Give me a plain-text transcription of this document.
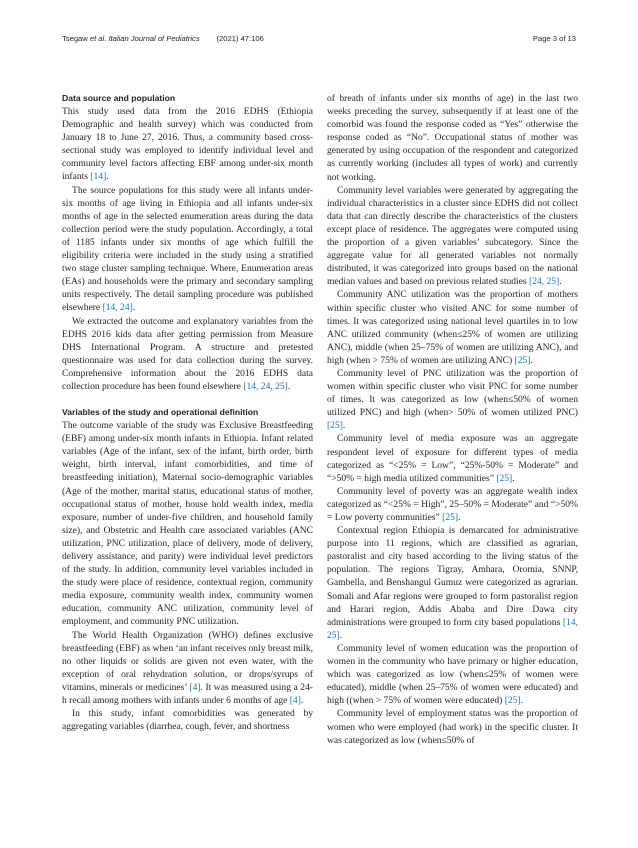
Tsegaw et al. Italian Journal of Pediatrics (2021) 47:106	Page 3 of 13
Data source and population

This study used data from the 2016 EDHS (Ethiopia Demographic and health survey) which was conducted from January 18 to June 27, 2016. Thus, a community based cross-sectional study was employed to identify individual level and community level factors affecting EBF among under-six month infants [14].

The source populations for this study were all infants under-six months of age living in Ethiopia and all infants under-six months of age in the selected enumeration areas during the data collection period were the study population. Accordingly, a total of 1185 infants under six months of age which fulfill the eligibility criteria were included in the study using a stratified two stage cluster sampling technique. Where, Enumeration areas (EAs) and households were the primary and secondary sampling units respectively. The detail sampling procedure was published elsewhere [14, 24].

We extracted the outcome and explanatory variables from the EDHS 2016 kids data after getting permission from Measure DHS International Program. A structure and pretested questionnaire was used for data collection during the survey. Comprehensive information about the 2016 EDHS data collection procedure has been found elsewhere [14, 24, 25].

Variables of the study and operational definition

The outcome variable of the study was Exclusive Breastfeeding (EBF) among under-six month infants in Ethiopia. Infant related variables (Age of the infant, sex of the infant, birth order, birth weight, birth interval, infant comorbidities, and time of breastfeeding initiation), Maternal socio-demographic variables (Age of the mother, marital status, educational status of mother, occupational status of mother, house hold wealth index, media exposure, number of under-five children, and household family size), and Obstetric and Health care associated variables (ANC utilization, PNC utilization, place of delivery, mode of delivery, delivery assistance, and parity) were individual level predictors of the study. In addition, community level variables included in the study were place of residence, contextual region, community media exposure, community wealth index, community women education, community ANC utilization, community level of employment, and community PNC utilization.

The World Health Organization (WHO) defines exclusive breastfeeding (EBF) as when ‘an infant receives only breast milk, no other liquids or solids are given not even water, with the exception of oral rehydration solution, or drops/syrups of vitamins, minerals or medicines’ [4]. It was measured using a 24-h recall among mothers with infants under 6 months of age [4].

In this study, infant comorbidities was generated by aggregating variables (diarrhea, cough, fever, and shortness

of breath of infants under six months of age) in the last two weeks preceding the survey, subsequently if at least one of the comorbid was found the response coded as “Yes” otherwise the response coded as “No”. Occupational status of mother was generated by using occupation of the respondent and categorized as currently working (includes all types of work) and currently not working.

Community level variables were generated by aggregating the individual characteristics in a cluster since EDHS did not collect data that can directly describe the characteristics of the clusters except place of residence. The aggregates were computed using the proportion of a given variables’ subcategory. Since the aggregate value for all generated variables not normally distributed, it was categorized into groups based on the national median values and based on previous related studies [24, 25].

Community ANC utilization was the proportion of mothers within specific cluster who visited ANC for some number of times. It was categorized using national level quartiles in to low ANC utilized community (when≤25% of women are utilizing ANC), middle (when 25–75% of women are utilizing ANC), and high (when > 75% of women are utilizing ANC) [25].

Community level of PNC utilization was the proportion of women within specific cluster who visit PNC for some number of times. It was categorized as low (when≤50% of women utilized PNC) and high (when> 50% of women utilized PNC) [25].

Community level of media exposure was an aggregate respondent level of exposure for different types of media categorized as “<25% = Low”, “25%-50% = Moderate” and “>50% = high media utilized communities” [25].

Community level of poverty was an aggregate wealth index categorized as “<25% = High”, 25–50% = Moderate” and “>50% = Low poverty communities” [25].

Contextual region Ethiopia is demarcated for administrative purpose into 11 regions, which are classified as agrarian, pastoralist and city based according to the living status of the population. The regions Tigray, Amhara, Oromia, SNNP, Gambella, and Benshangul Gumuz were categorized as agrarian. Somali and Afar regions were grouped to form pastoralist region and Harari region, Addis Ababa and Dire Dawa city administrations were grouped to form city based populations [14, 25].

Community level of women education was the proportion of women in the community who have primary or higher education, which was categorized as low (when≤25% of women were educated), middle (when 25–75% of women were educated) and high ((when > 75% of women were educated) [25].

Community level of employment status was the proportion of women who were employed (had work) in the specific cluster. It was categorized as low (when≤50% of
